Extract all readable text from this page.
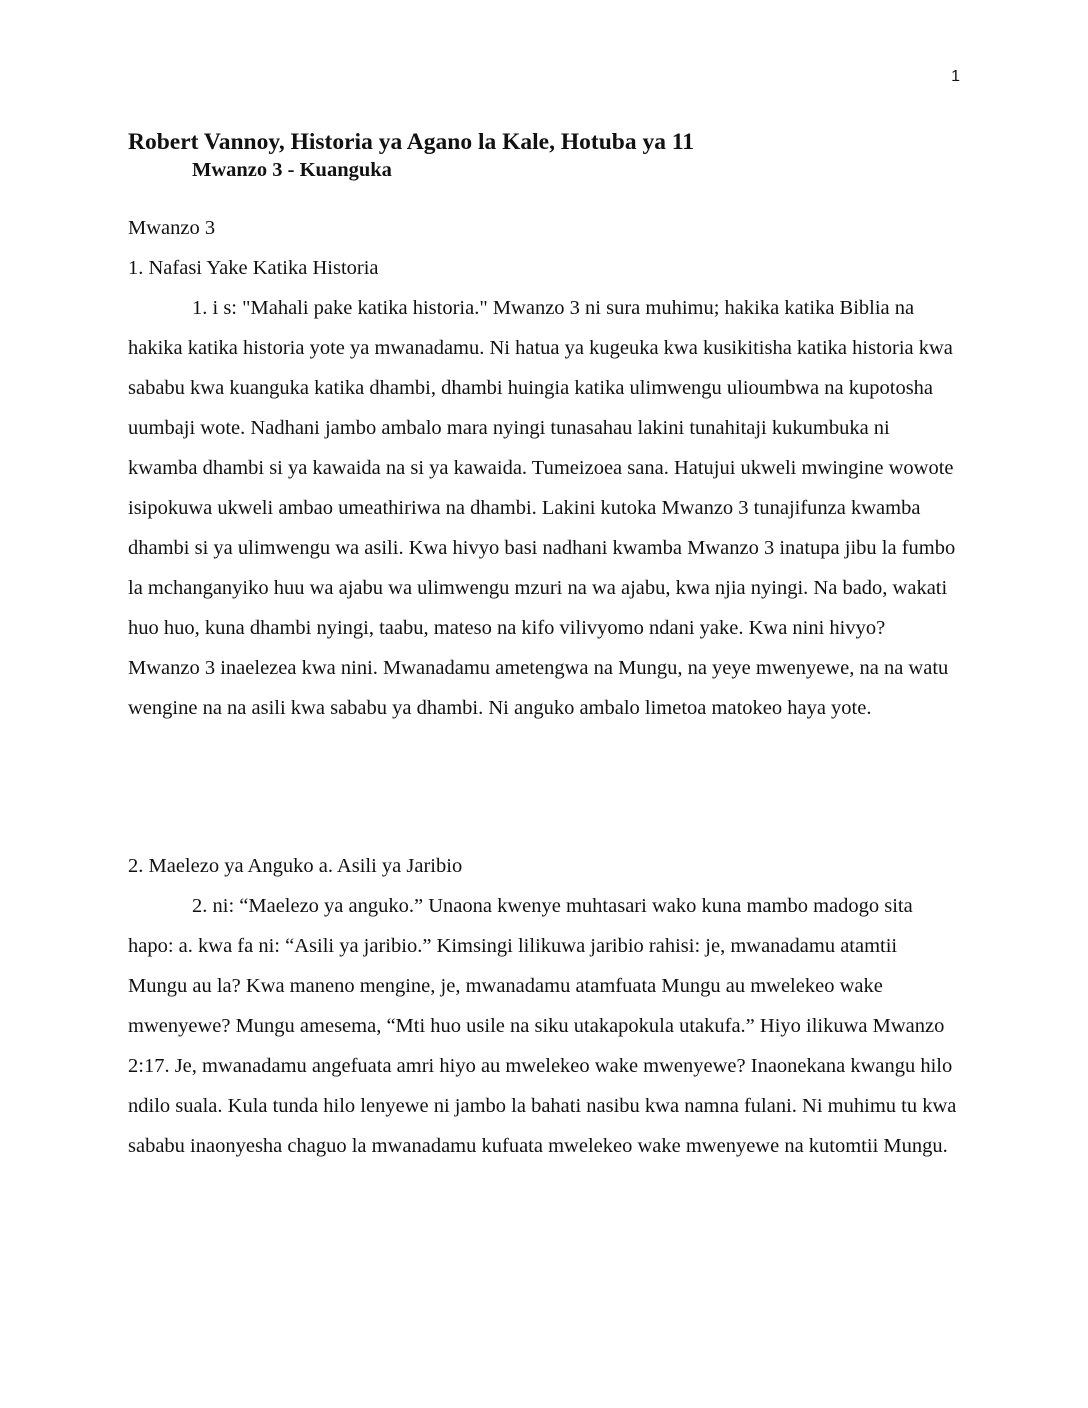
1
Robert Vannoy, Historia ya Agano la Kale, Hotuba ya 11
Mwanzo 3 - Kuanguka
Mwanzo 3
1. Nafasi Yake Katika Historia

1. i s: "Mahali pake katika historia." Mwanzo 3 ni sura muhimu; hakika katika Biblia na hakika katika historia yote ya mwanadamu. Ni hatua ya kugeuka kwa kusikitisha katika historia kwa sababu kwa kuanguka katika dhambi, dhambi huingia katika ulimwengu ulioumbwa na kupotosha uumbaji wote. Nadhani jambo ambalo mara nyingi tunasahau lakini tunahitaji kukumbuka ni kwamba dhambi si ya kawaida na si ya kawaida. Tumeizoea sana. Hatujui ukweli mwingine wowote isipokuwa ukweli ambao umeathiriwa na dhambi. Lakini kutoka Mwanzo 3 tunajifunza kwamba dhambi si ya ulimwengu wa asili. Kwa hivyo basi nadhani kwamba Mwanzo 3 inatupa jibu la fumbo la mchanganyiko huu wa ajabu wa ulimwengu mzuri na wa ajabu, kwa njia nyingi. Na bado, wakati huo huo, kuna dhambi nyingi, taabu, mateso na kifo vilivyomo ndani yake. Kwa nini hivyo? Mwanzo 3 inaelezea kwa nini. Mwanadamu ametengwa na Mungu, na yeye mwenyewe, na na watu wengine na na asili kwa sababu ya dhambi. Ni anguko ambalo limetoa matokeo haya yote.

2. Maelezo ya Anguko a. Asili ya Jaribio

2. ni: “Maelezo ya anguko.” Unaona kwenye muhtasari wako kuna mambo madogo sita hapo: a. kwa fa ni: “Asili ya jaribio.” Kimsingi lilikuwa jaribio rahisi: je, mwanadamu atamtii Mungu au la? Kwa maneno mengine, je, mwanadamu atamfuata Mungu au mwelekeo wake mwenyewe? Mungu amesema, “Mti huo usile na siku utakapokula utakufa.” Hiyo ilikuwa Mwanzo 2:17. Je, mwanadamu angefuata amri hiyo au mwelekeo wake mwenyewe? Inaonekana kwangu hilo ndilo suala. Kula tunda hilo lenyewe ni jambo la bahati nasibu kwa namna fulani. Ni muhimu tu kwa sababu inaonyesha chaguo la mwanadamu kufuata mwelekeo wake mwenyewe na kutomtii Mungu.
